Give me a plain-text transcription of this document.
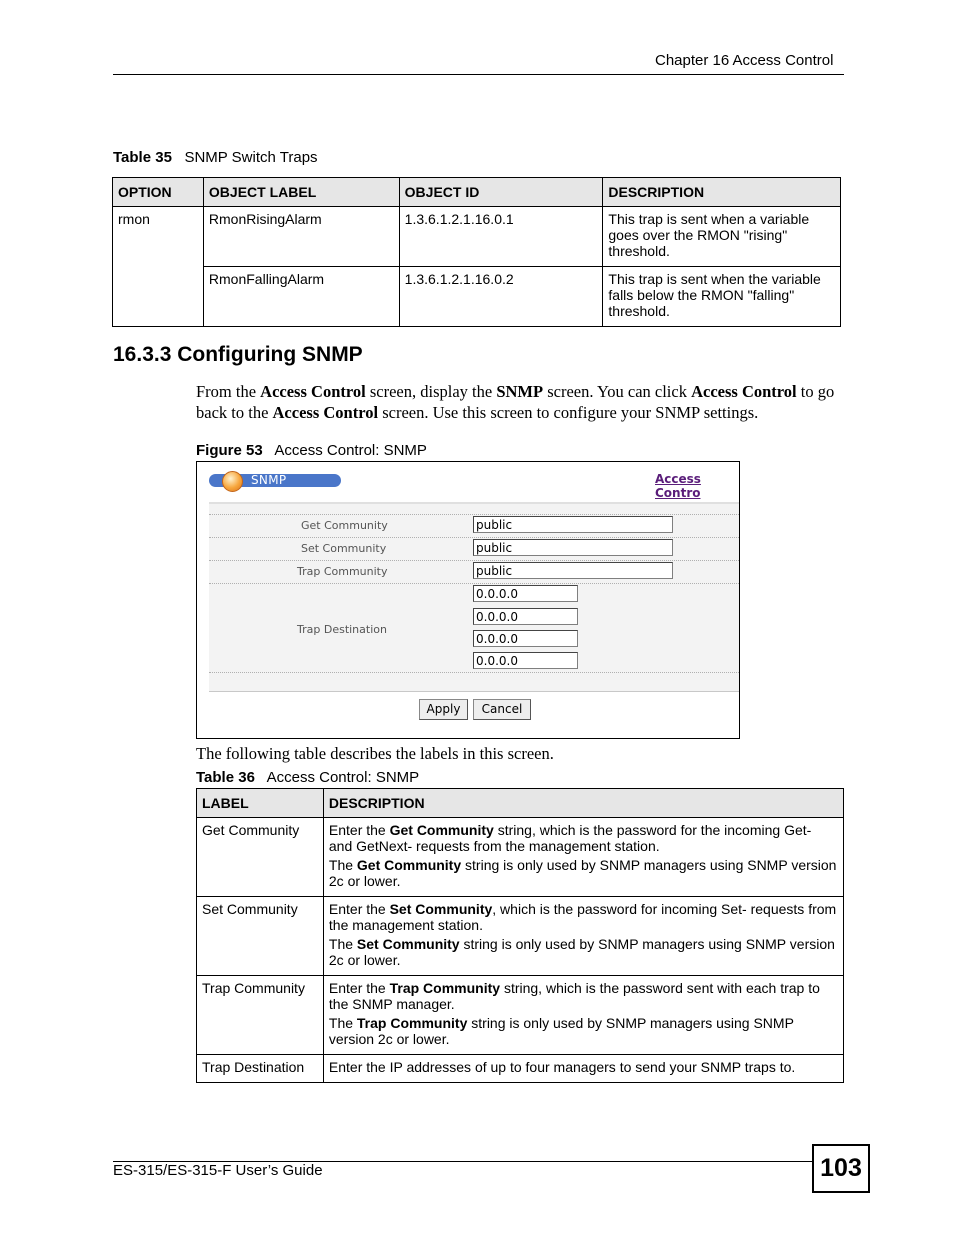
Chapter 16 Access Control
Table 35 SNMP Switch Traps
OPTION	OBJECT LABEL	OBJECT ID	DESCRIPTION
rmon	RmonRisingAlarm	1.3.6.1.2.1.16.0.1	This trap is sent when a variable goes over the RMON "rising" threshold.

	RmonFallingAlarm	1.3.6.1.2.1.16.0.2	This trap is sent when the variable falls below the RMON "falling" threshold.

16.3.3 Configuring SNMP
From the Access Control screen, display the SNMP screen. You can click Access Control to go back to the Access Control screen. Use this screen to configure your SNMP settings.
Figure 53 Access Control: SNMP
SNMP	Access Contro
Get Community	public
Set Community	public
Trap Community	public
Trap Destination
0.0.0.0
0.0.0.0
0.0.0.0
0.0.0.0
Apply	Cancel
The following table describes the labels in this screen.
Table 36 Access Control: SNMP
LABEL	DESCRIPTION
Get Community	Enter the Get Community string, which is the password for the incoming Get- and GetNext- requests from the management station.

The Get Community string is only used by SNMP managers using SNMP version 2c or lower.

Set Community	Enter the Set Community, which is the password for incoming Set- requests from the management station.

The Set Community string is only used by SNMP managers using SNMP version 2c or lower.

Trap Community	Enter the Trap Community string, which is the password sent with each trap to the SNMP manager.

The Trap Community string is only used by SNMP managers using SNMP version 2c or lower.

Trap Destination	Enter the IP addresses of up to four managers to send your SNMP traps to.

ES-315/ES-315-F User’s Guide	103
